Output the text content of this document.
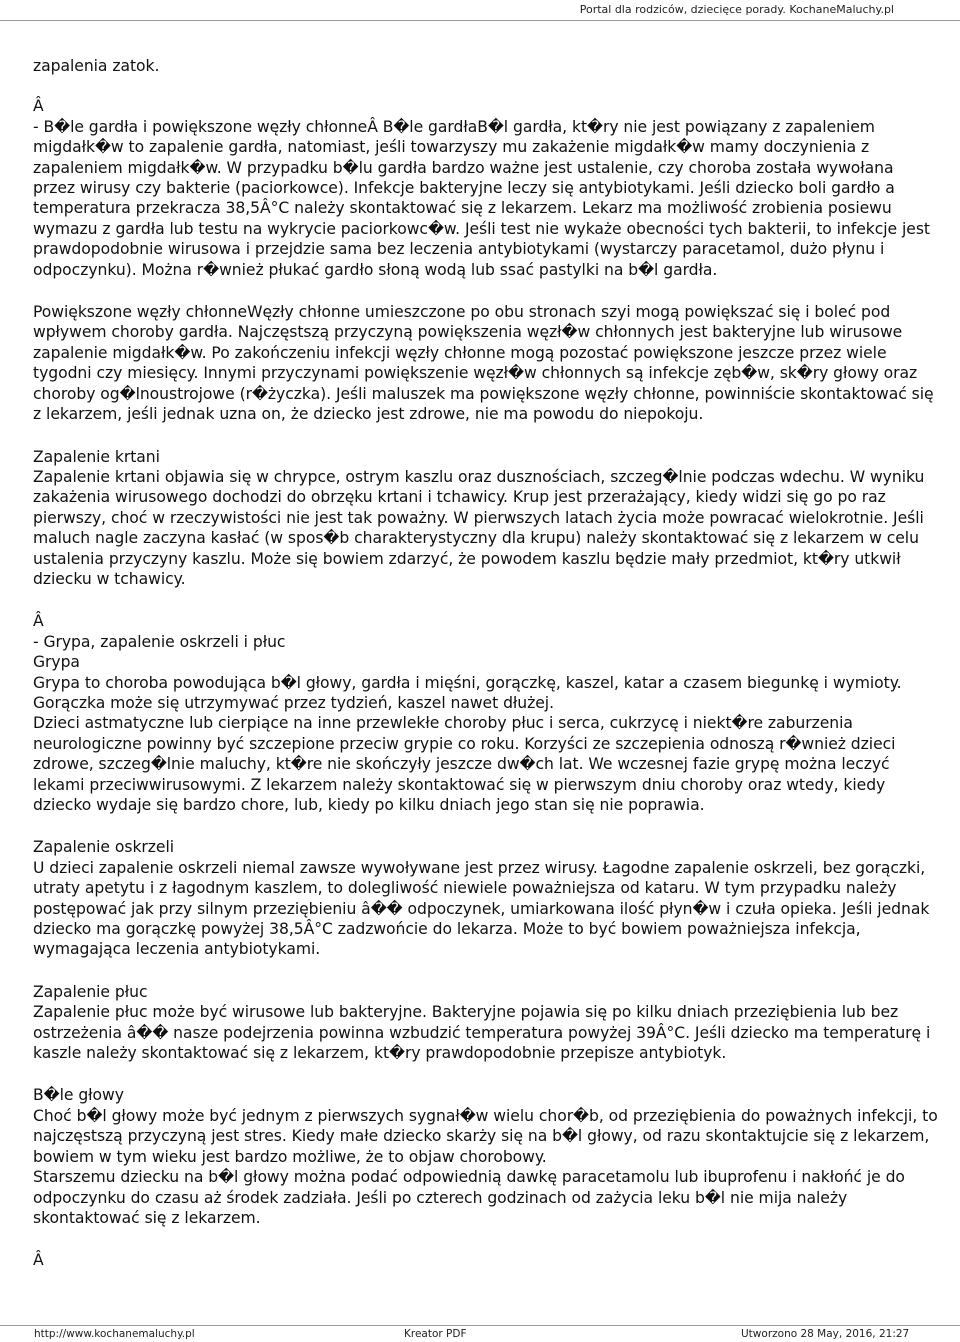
Portal dla rodziców, dziecięce porady. KochaneMaluchy.pl

zapalenia zatok.

Â

- B�le gardła i powiększone węzły chłonneÂ B�le gardłaB�l gardła, kt�ry nie jest powiązany z zapaleniem migdałk�w to zapalenie gardła, natomiast, jeśli towarzyszy mu zakażenie migdałk�w mamy doczynienia z zapaleniem migdałk�w. W przypadku b�lu gardła bardzo ważne jest ustalenie, czy choroba została wywołana przez wirusy czy bakterie (paciorkowce). Infekcje bakteryjne leczy się antybiotykami. Jeśli dziecko boli gardło a temperatura przekracza 38,5Â°C należy skontaktować się z lekarzem. Lekarz ma możliwość zrobienia posiewu wymazu z gardła lub testu na wykrycie paciorkowc�w. Jeśli test nie wykaże obecności tych bakterii, to infekcje jest prawdopodobnie wirusowa i przejdzie sama bez leczenia antybiotykami (wystarczy paracetamol, dużo płynu i odpoczynku). Można r�wnież płukać gardło słoną wodą lub ssać pastylki na b�l gardła.

Powiększone węzły chłonneWęzły chłonne umieszczone po obu stronach szyi mogą powiększać się i boleć pod wpływem choroby gardła. Najczęstszą przyczyną powiększenia węzł�w chłonnych jest bakteryjne lub wirusowe zapalenie migdałk�w. Po zakończeniu infekcji węzły chłonne mogą pozostać powiększone jeszcze przez wiele tygodni czy miesięcy. Innymi przyczynami powiększenie węzł�w chłonnych są infekcje zęb�w, sk�ry głowy oraz choroby og�lnoustrojowe (r�życzka). Jeśli maluszek ma powiększone węzły chłonne, powinniście skontaktować się z lekarzem, jeśli jednak uzna on, że dziecko jest zdrowe, nie ma powodu do niepokoju.

Zapalenie krtani

Zapalenie krtani objawia się w chrypce, ostrym kaszlu oraz dusznościach, szczeg�lnie podczas wdechu. W wyniku zakażenia wirusowego dochodzi do obrzęku krtani i tchawicy. Krup jest przerażający, kiedy widzi się go po raz pierwszy, choć w rzeczywistości nie jest tak poważny. W pierwszych latach życia może powracać wielokrotnie. Jeśli maluch nagle zaczyna kasłać (w spos�b charakterystyczny dla krupu) należy skontaktować się z lekarzem w celu ustalenia przyczyny kaszlu. Może się bowiem zdarzyć, że powodem kaszlu będzie mały przedmiot, kt�ry utkwił dziecku w tchawicy.

Â

- Grypa, zapalenie oskrzeli i płuc

Grypa

Grypa to choroba powodująca b�l głowy, gardła i mięśni, gorączkę, kaszel, katar a czasem biegunkę i wymioty. Gorączka może się utrzymywać przez tydzień, kaszel nawet dłużej.

Dzieci astmatyczne lub cierpiące na inne przewlekłe choroby płuc i serca, cukrzycę i niekt�re zaburzenia neurologiczne powinny być szczepione przeciw grypie co roku. Korzyści ze szczepienia odnoszą r�wnież dzieci zdrowe, szczeg�lnie maluchy, kt�re nie skończyły jeszcze dw�ch lat. We wczesnej fazie grypę można leczyć lekami przeciwwirusowymi. Z lekarzem należy skontaktować się w pierwszym dniu choroby oraz wtedy, kiedy dziecko wydaje się bardzo chore, lub, kiedy po kilku dniach jego stan się nie poprawia.

Zapalenie oskrzeli

U dzieci zapalenie oskrzeli niemal zawsze wywoływane jest przez wirusy. Łagodne zapalenie oskrzeli, bez gorączki, utraty apetytu i z łagodnym kaszlem, to dolegliwość niewiele poważniejsza od kataru. W tym przypadku należy postępować jak przy silnym przeziębieniu â�� odpoczynek, umiarkowana ilość płyn�w i czuła opieka. Jeśli jednak dziecko ma gorączkę powyżej 38,5Â°C zadzwońcie do lekarza. Może to być bowiem poważniejsza infekcja, wymagająca leczenia antybiotykami.

Zapalenie płuc

Zapalenie płuc może być wirusowe lub bakteryjne. Bakteryjne pojawia się po kilku dniach przeziębienia lub bez ostrzeżenia â�� nasze podejrzenia powinna wzbudzić temperatura powyżej 39Â°C. Jeśli dziecko ma temperaturę i kaszle należy skontaktować się z lekarzem, kt�ry prawdopodobnie przepisze antybiotyk.

B�le głowy

Choć b�l głowy może być jednym z pierwszych sygnał�w wielu chor�b, od przeziębienia do poważnych infekcji, to najczęstszą przyczyną jest stres. Kiedy małe dziecko skarży się na b�l głowy, od razu skontaktujcie się z lekarzem, bowiem w tym wieku jest bardzo możliwe, że to objaw chorobowy.

Starszemu dziecku na b�l głowy można podać odpowiednią dawkę paracetamolu lub ibuprofenu i nakłońć je do odpoczynku do czasu aż środek zadziała. Jeśli po czterech godzinach od zażycia leku b�l nie mija należy skontaktować się z lekarzem.

Â

http://www.kochanemaluchy.pl	Kreator PDF	Utworzono 28 May, 2016, 21:27
